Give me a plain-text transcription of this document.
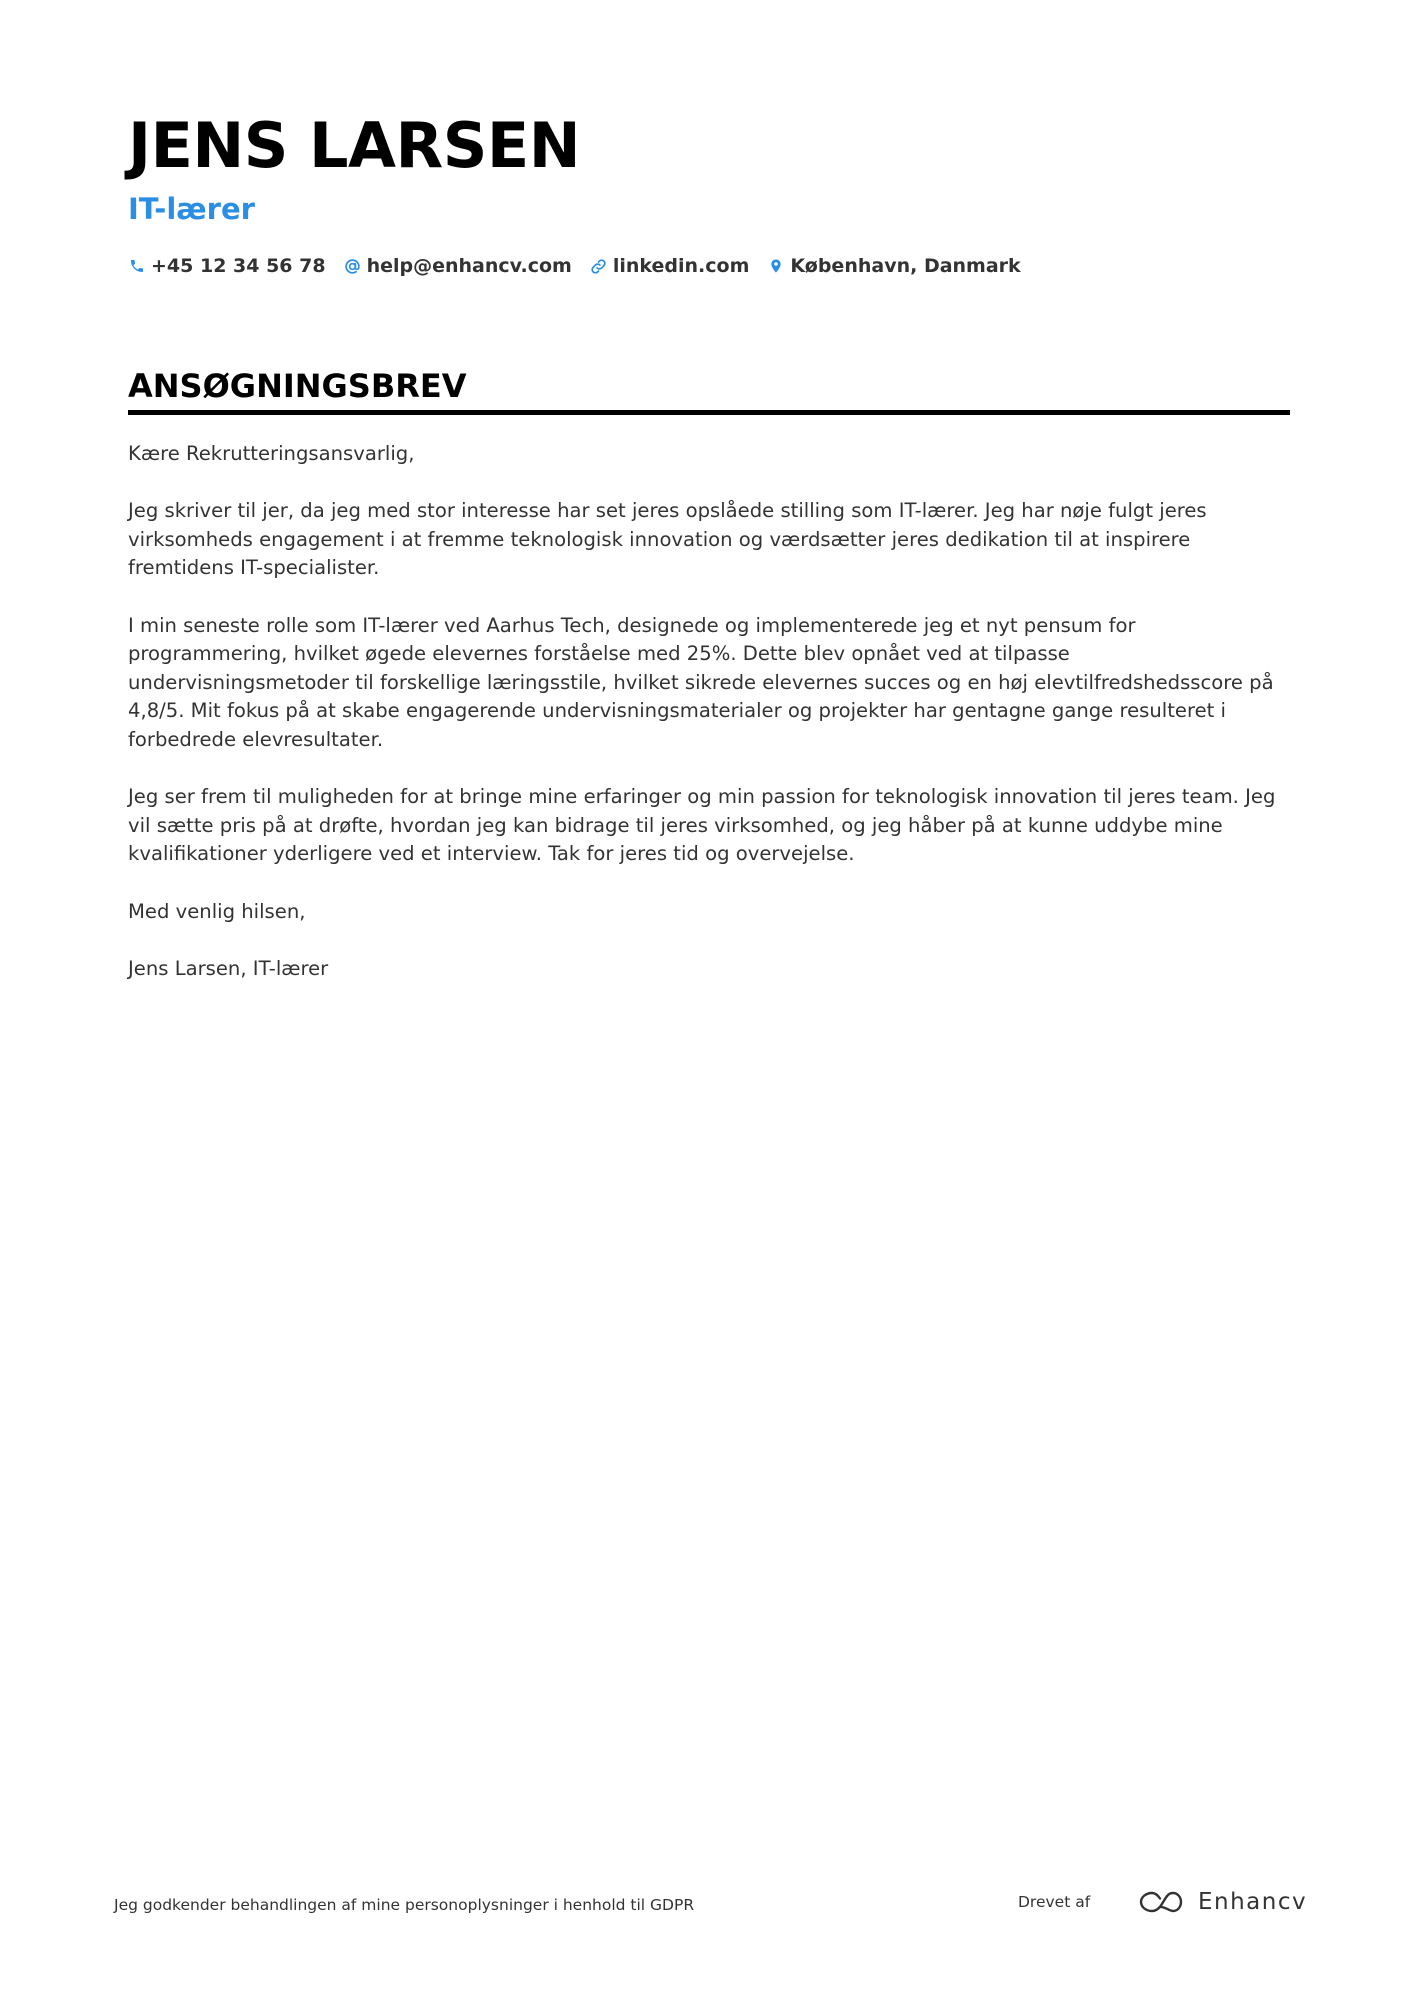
JENS LARSEN
IT-lærer
+45 12 34 56 78 help@enhancv.com linkedin.com København, Danmark
ANSØGNINGSBREV

Kære Rekrutteringsansvarlig,

Jeg skriver til jer, da jeg med stor interesse har set jeres opslåede stilling som IT-lærer. Jeg har nøje fulgt jeres virksomheds engagement i at fremme teknologisk innovation og værdsætter jeres dedikation til at inspirere fremtidens IT-specialister.

I min seneste rolle som IT-lærer ved Aarhus Tech, designede og implementerede jeg et nyt pensum for programmering, hvilket øgede elevernes forståelse med 25%. Dette blev opnået ved at tilpasse undervisningsmetoder til forskellige læringsstile, hvilket sikrede elevernes succes og en høj elevtilfredshedsscore på 4,8/5. Mit fokus på at skabe engagerende undervisningsmaterialer og projekter har gentagne gange resulteret i forbedrede elevresultater.

Jeg ser frem til muligheden for at bringe mine erfaringer og min passion for teknologisk innovation til jeres team. Jeg vil sætte pris på at drøfte, hvordan jeg kan bidrage til jeres virksomhed, og jeg håber på at kunne uddybe mine kvalifikationer yderligere ved et interview. Tak for jeres tid og overvejelse.

Med venlig hilsen,

Jens Larsen, IT-lærer

Jeg godkender behandlingen af mine personoplysninger i henhold til GDPR	Drevet af	Enhancv
